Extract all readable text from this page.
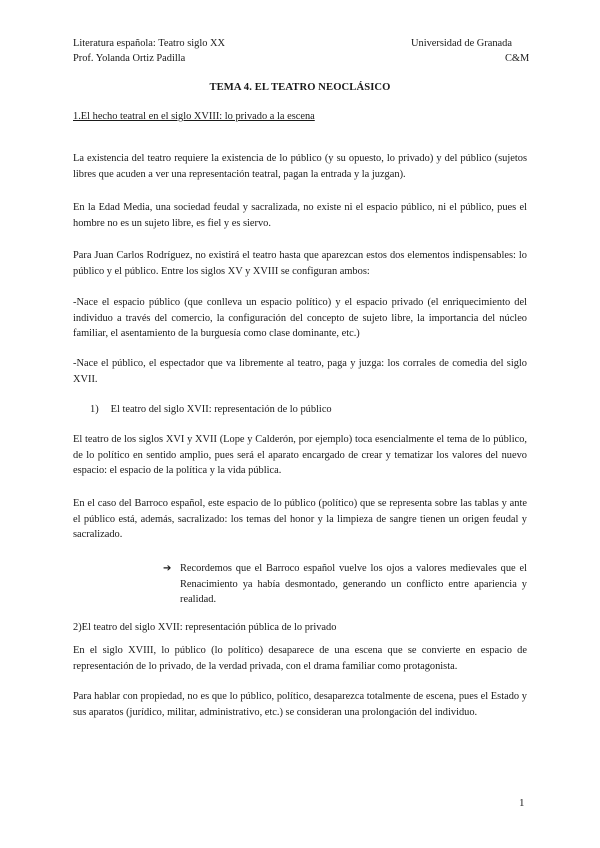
Literatura española: Teatro siglo XX	Universidad de Granada
Prof. Yolanda Ortiz Padilla	C&M
TEMA 4. EL TEATRO NEOCLÁSICO
1.El hecho teatral en el siglo XVIII: lo privado a la escena
La existencia del teatro requiere la existencia de lo público (y su opuesto, lo privado) y del público (sujetos libres que acuden a ver una representación teatral, pagan la entrada y la juzgan).
En la Edad Media, una sociedad feudal y sacralizada, no existe ni el espacio público, ni el público, pues el hombre no es un sujeto libre, es fiel y es siervo.
Para Juan Carlos Rodríguez, no existirá el teatro hasta que aparezcan estos dos elementos indispensables: lo público y el público. Entre los siglos XV y XVIII se configuran ambos:
-Nace el espacio público (que conlleva un espacio político) y el espacio privado (el enriquecimiento del individuo a través del comercio, la configuración del concepto de sujeto libre, la importancia del núcleo familiar, el asentamiento de la burguesía como clase dominante, etc.)
-Nace el público, el espectador que va libremente al teatro, paga y juzga: los corrales de comedia del siglo XVII.
1) El teatro del siglo XVII: representación de lo público
El teatro de los siglos XVI y XVII (Lope y Calderón, por ejemplo) toca esencialmente el tema de lo público, de lo político en sentido amplio, pues será el aparato encargado de crear y tematizar los valores del nuevo espacio: el espacio de la política y la vida pública.
En el caso del Barroco español, este espacio de lo público (político) que se representa sobre las tablas y ante el público está, además, sacralizado: los temas del honor y la limpieza de sangre tienen un origen feudal y sacralizado.
➔ Recordemos que el Barroco español vuelve los ojos a valores medievales que el Renacimiento ya había desmontado, generando un conflicto entre apariencia y realidad.
2)El teatro del siglo XVII: representación pública de lo privado
En el siglo XVIII, lo público (lo político) desaparece de una escena que se convierte en espacio de representación de lo privado, de la verdad privada, con el drama familiar como protagonista.
Para hablar con propiedad, no es que lo público, político, desaparezca totalmente de escena, pues el Estado y sus aparatos (jurídico, militar, administrativo, etc.) se consideran una prolongación del individuo.
1
